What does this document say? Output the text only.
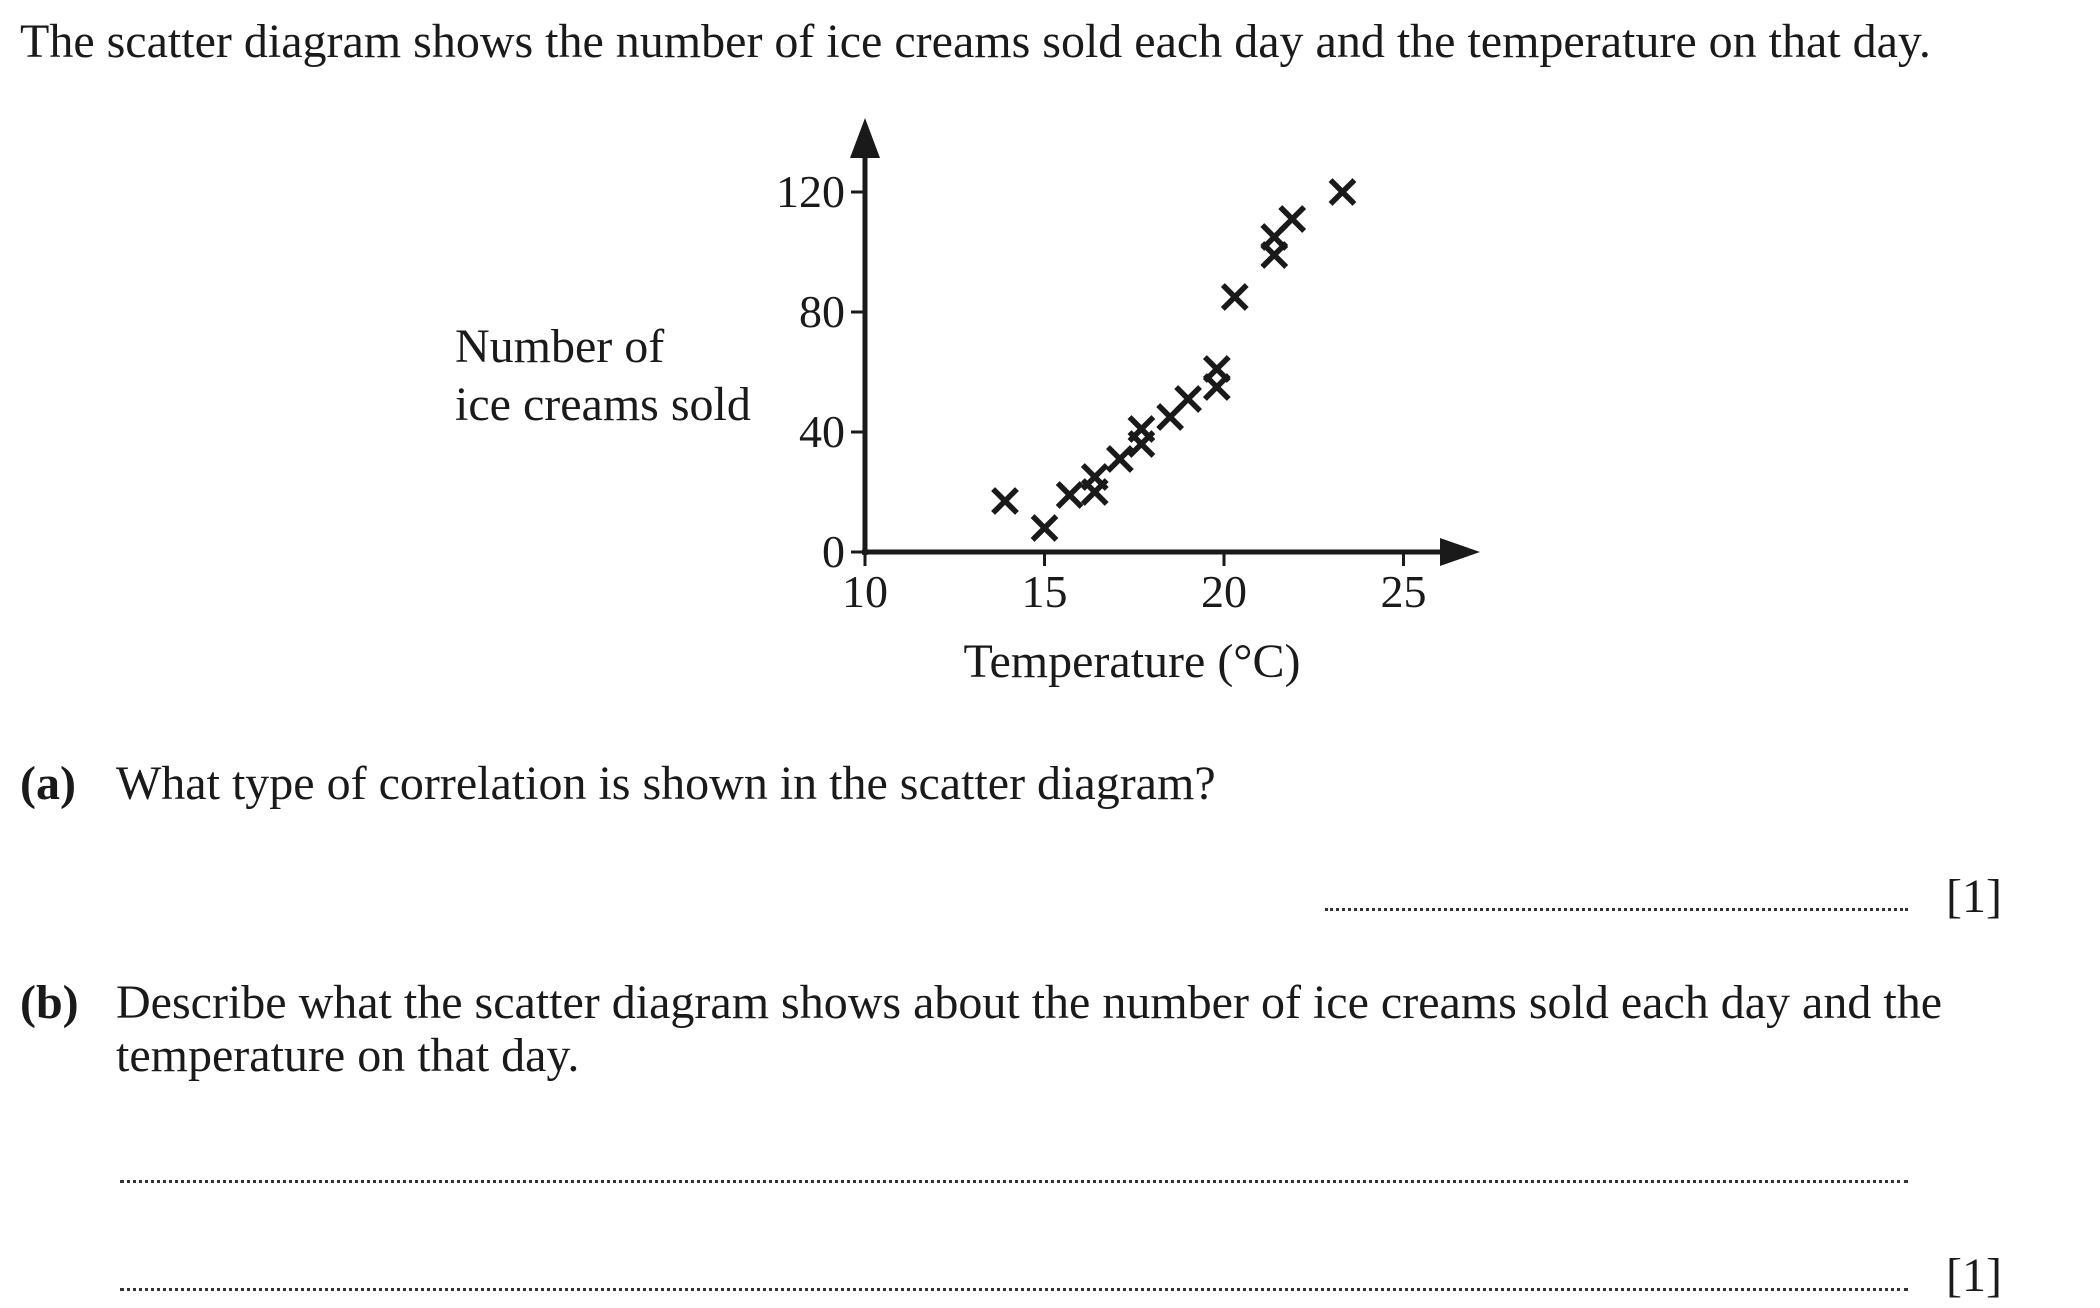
The scatter diagram shows the number of ice creams sold each day and the temperature on that day.
10	15	20	25
0
40
80
120
Number of
ice creams sold
Temperature (°C)
(a) What type of correlation is shown in the scatter diagram?
[1]
(b) Describe what the scatter diagram shows about the number of ice creams sold each day and the
temperature on that day.
[1]
